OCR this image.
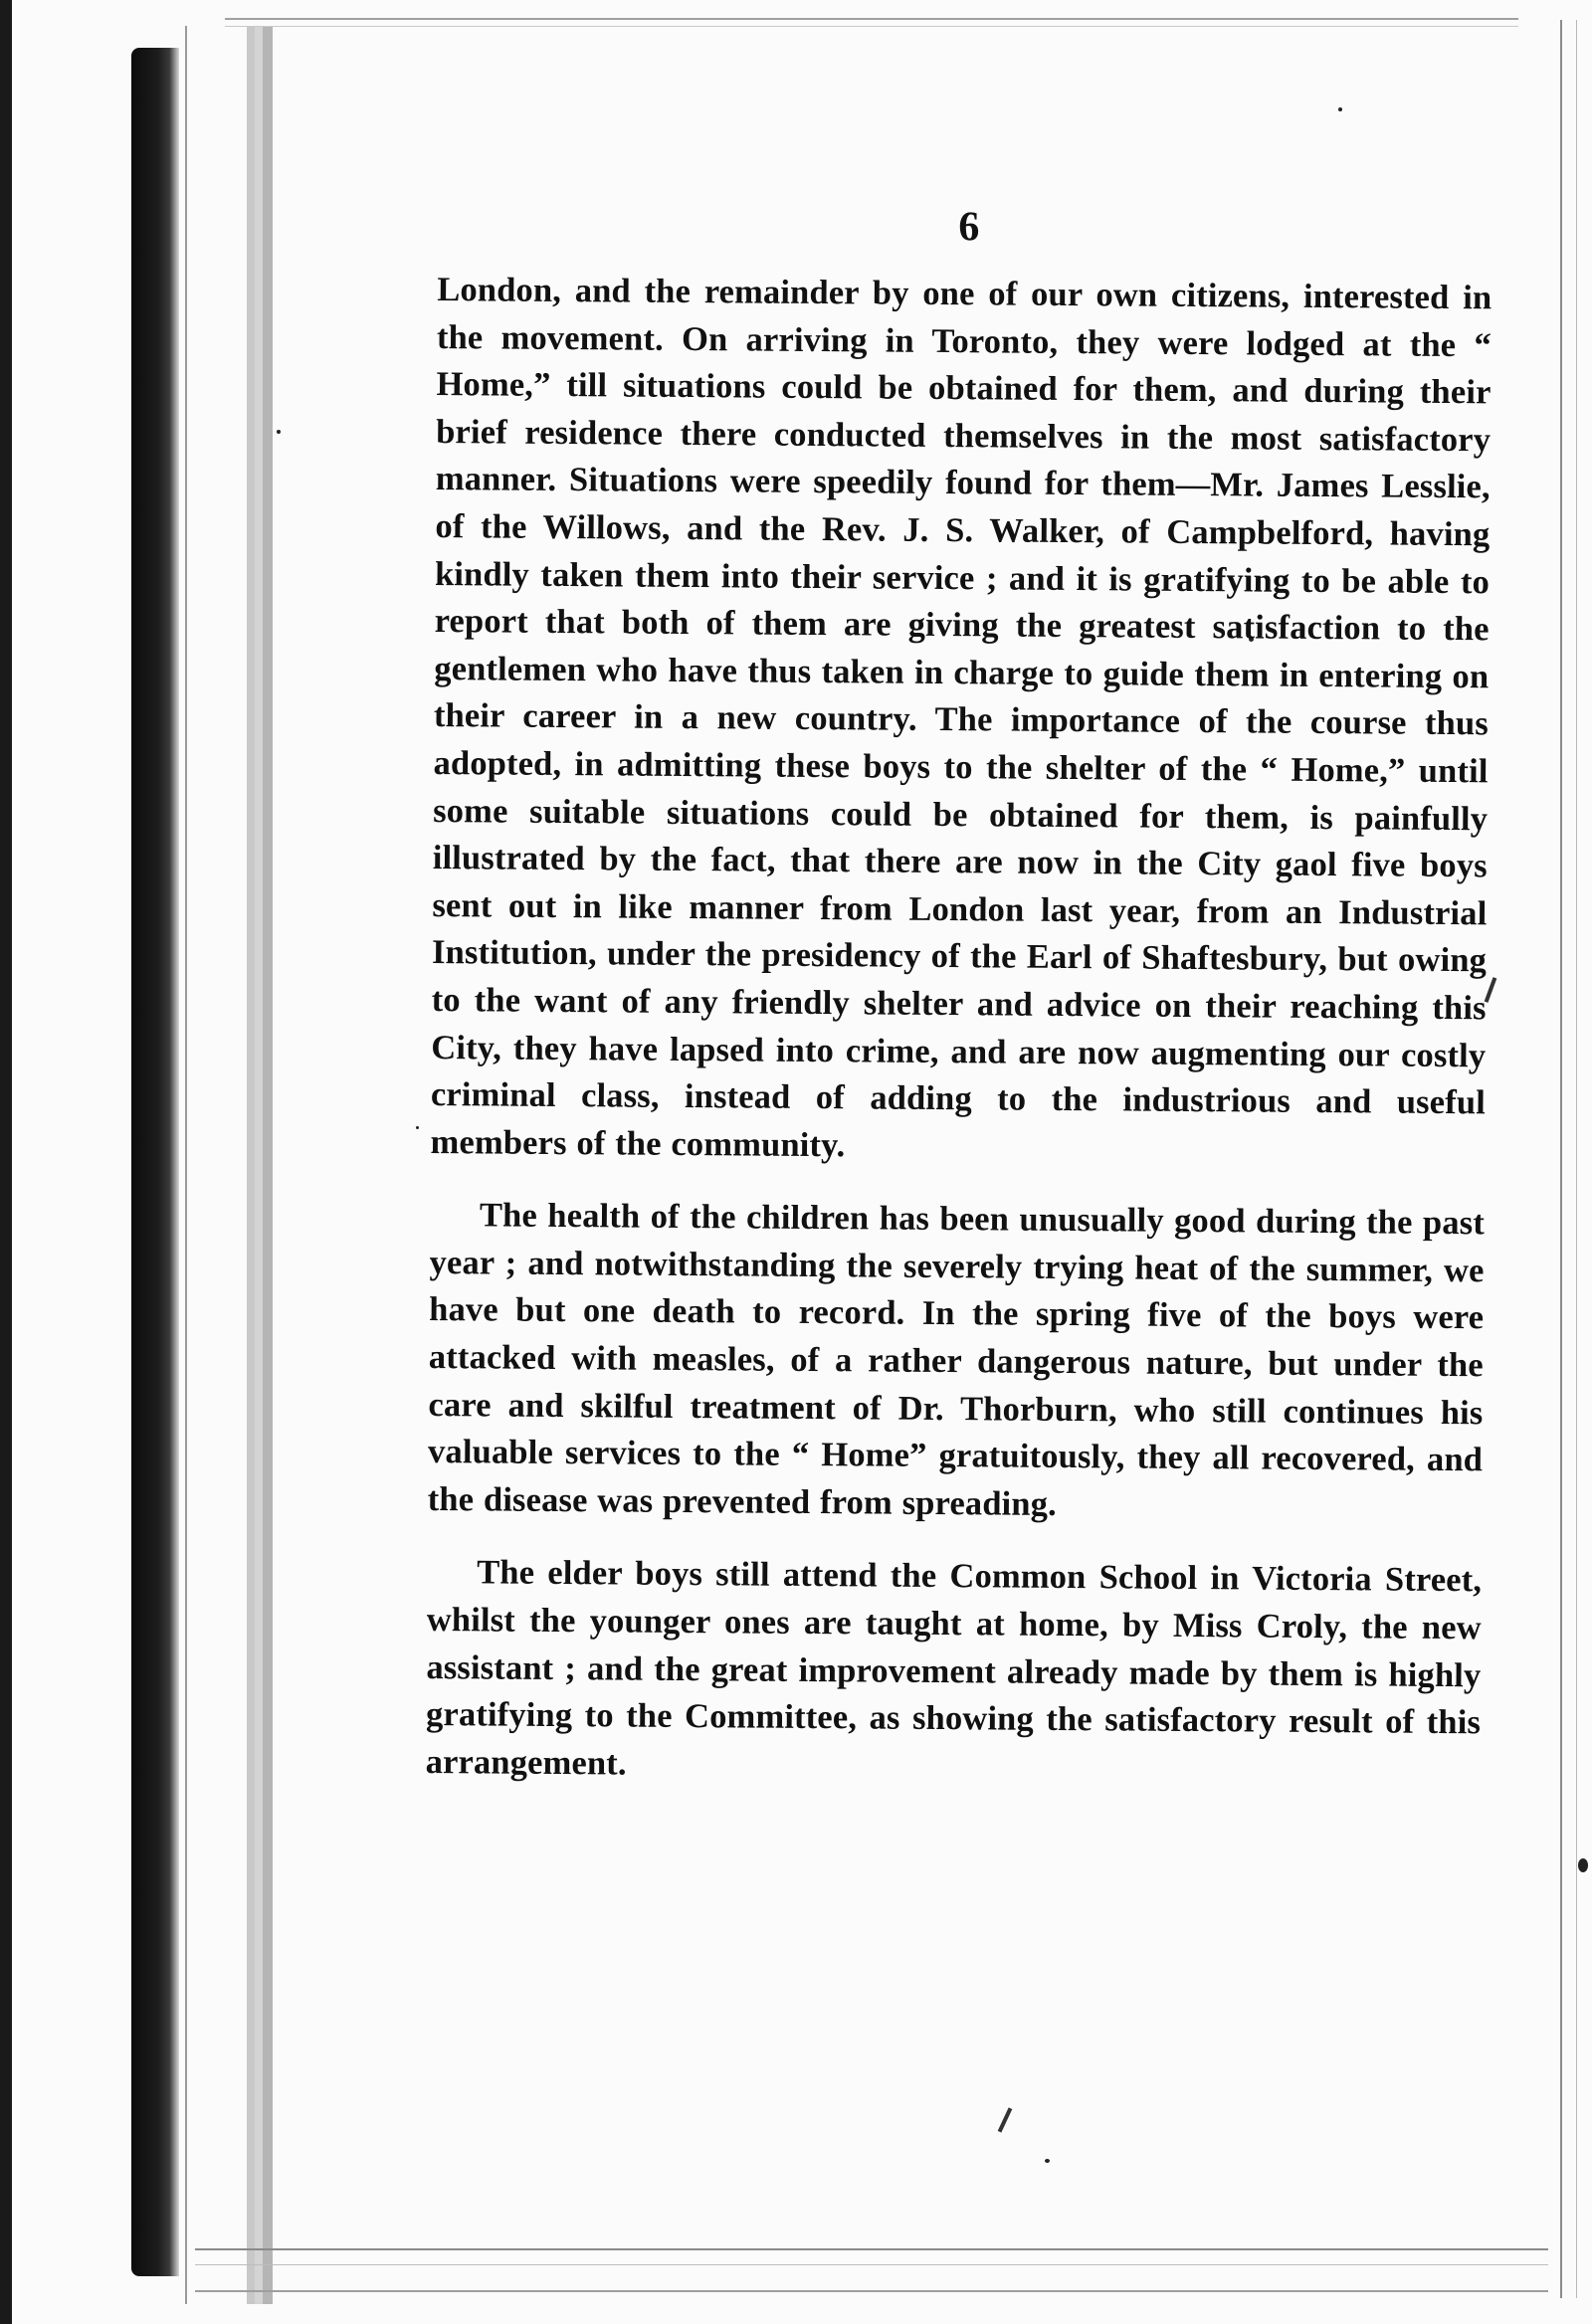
6

London, and the remainder by one of our own citizens, interested in the movement. On arriving in Toronto, they were lodged at the “ Home,” till situations could be obtained for them, and during their brief residence there conducted themselves in the most satisfactory manner. Situations were speedily found for them—Mr. James Lesslie, of the Willows, and the Rev. J. S. Walker, of Campbelford, having kindly taken them into their service ; and it is gratifying to be able to report that both of them are giving the greatest satisfaction to the gentlemen who have thus taken in charge to guide them in entering on their career in a new country. The importance of the course thus adopted, in admitting these boys to the shelter of the “ Home,” until some suitable situations could be obtained for them, is painfully illustrated by the fact, that there are now in the City gaol five boys sent out in like manner from London last year, from an Industrial Institution, under the presidency of the Earl of Shaftesbury, but owing to the want of any friendly shelter and advice on their reaching this City, they have lapsed into crime, and are now augmenting our costly criminal class, instead of adding to the industrious and useful members of the community.

The health of the children has been unusually good during the past year ; and notwithstanding the severely trying heat of the summer, we have but one death to record. In the spring five of the boys were attacked with measles, of a rather dangerous nature, but under the care and skilful treatment of Dr. Thorburn, who still continues his valuable services to the “ Home” gratuitously, they all recovered, and the disease was prevented from spreading.

The elder boys still attend the Common School in Victoria Street, whilst the younger ones are taught at home, by Miss Croly, the new assistant ; and the great improvement already made by them is highly gratifying to the Committee, as showing the satisfactory result of this arrangement.
